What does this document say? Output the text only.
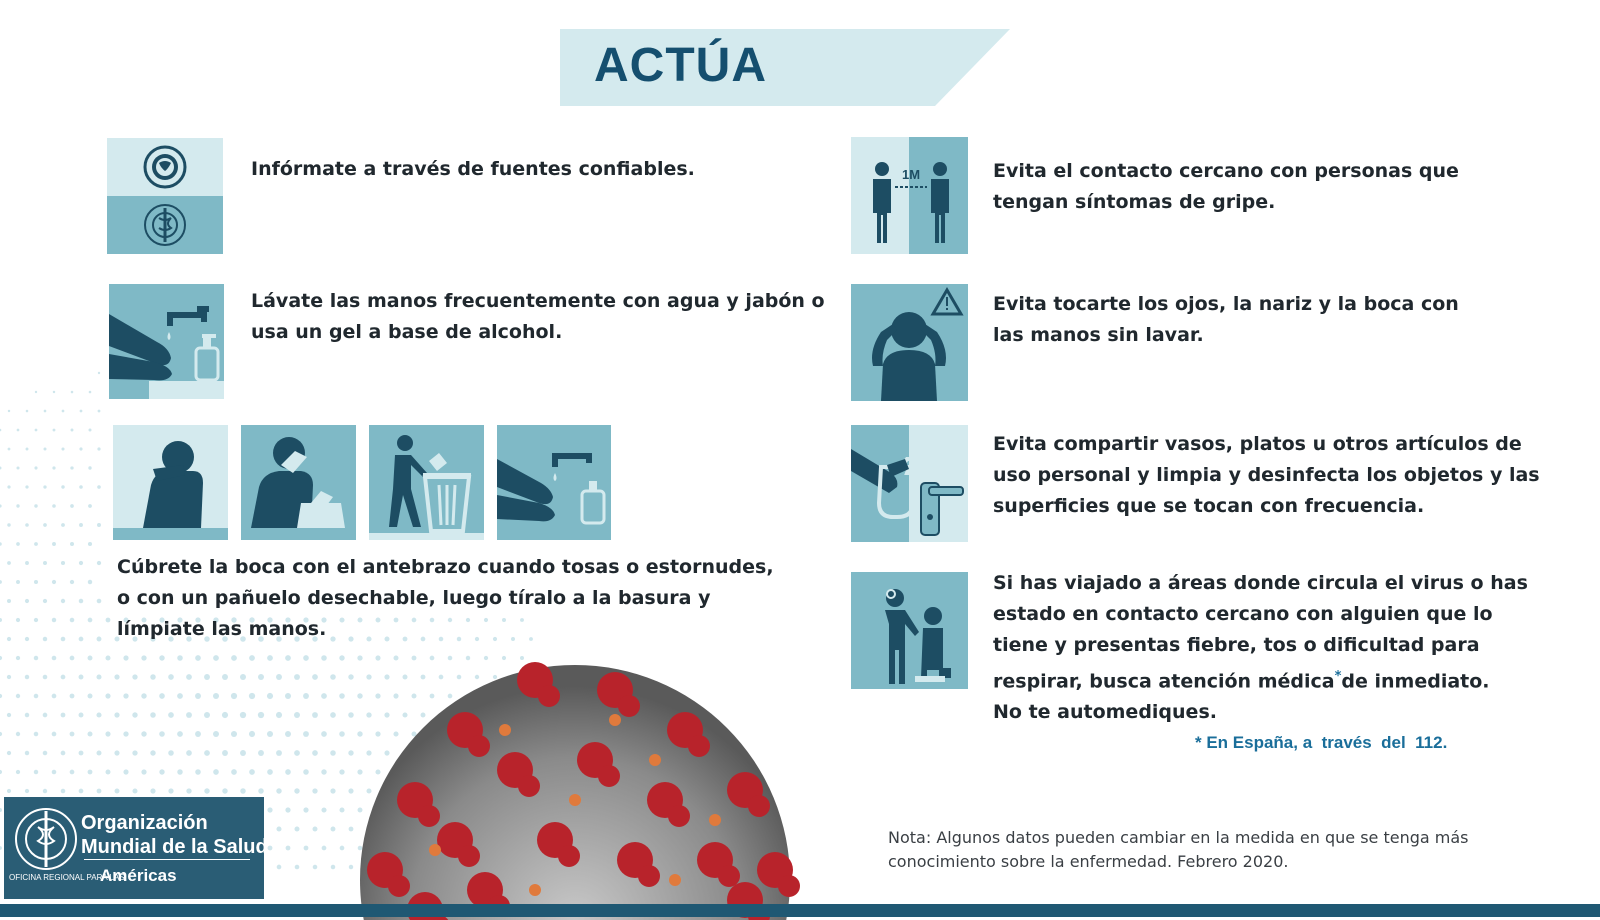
ACTÚA
Infórmate a través de fuentes confiables.
Lávate las manos frecuentemente con agua y jabón o
usa un gel a base de alcohol.
Cúbrete la boca con el antebrazo cuando tosas o estornudes,
o con un pañuelo desechable, luego tíralo a la basura y
límpiate las manos.
1M	Evita el contacto cercano con personas que
tengan síntomas de gripe.
Evita tocarte los ojos, la nariz y la boca con
las manos sin lavar.
Evita compartir vasos, platos u otros artículos de
uso personal y limpia y desinfecta los objetos y las
superficies que se tocan con frecuencia.
Si has viajado a áreas donde circula el virus o has
estado en contacto cercano con alguien que lo
tiene y presentas fiebre, tos o dificultad para
respirar, busca atención médica*de inmediato.
No te automediques.
* En España, a  través  del  112.
Nota: Algunos datos pueden cambiar en la medida en que se tenga más
conocimiento sobre la enfermedad. Febrero 2020.
Organización
Mundial de la Salud
OFICINA REGIONAL PARA LAS
Américas
